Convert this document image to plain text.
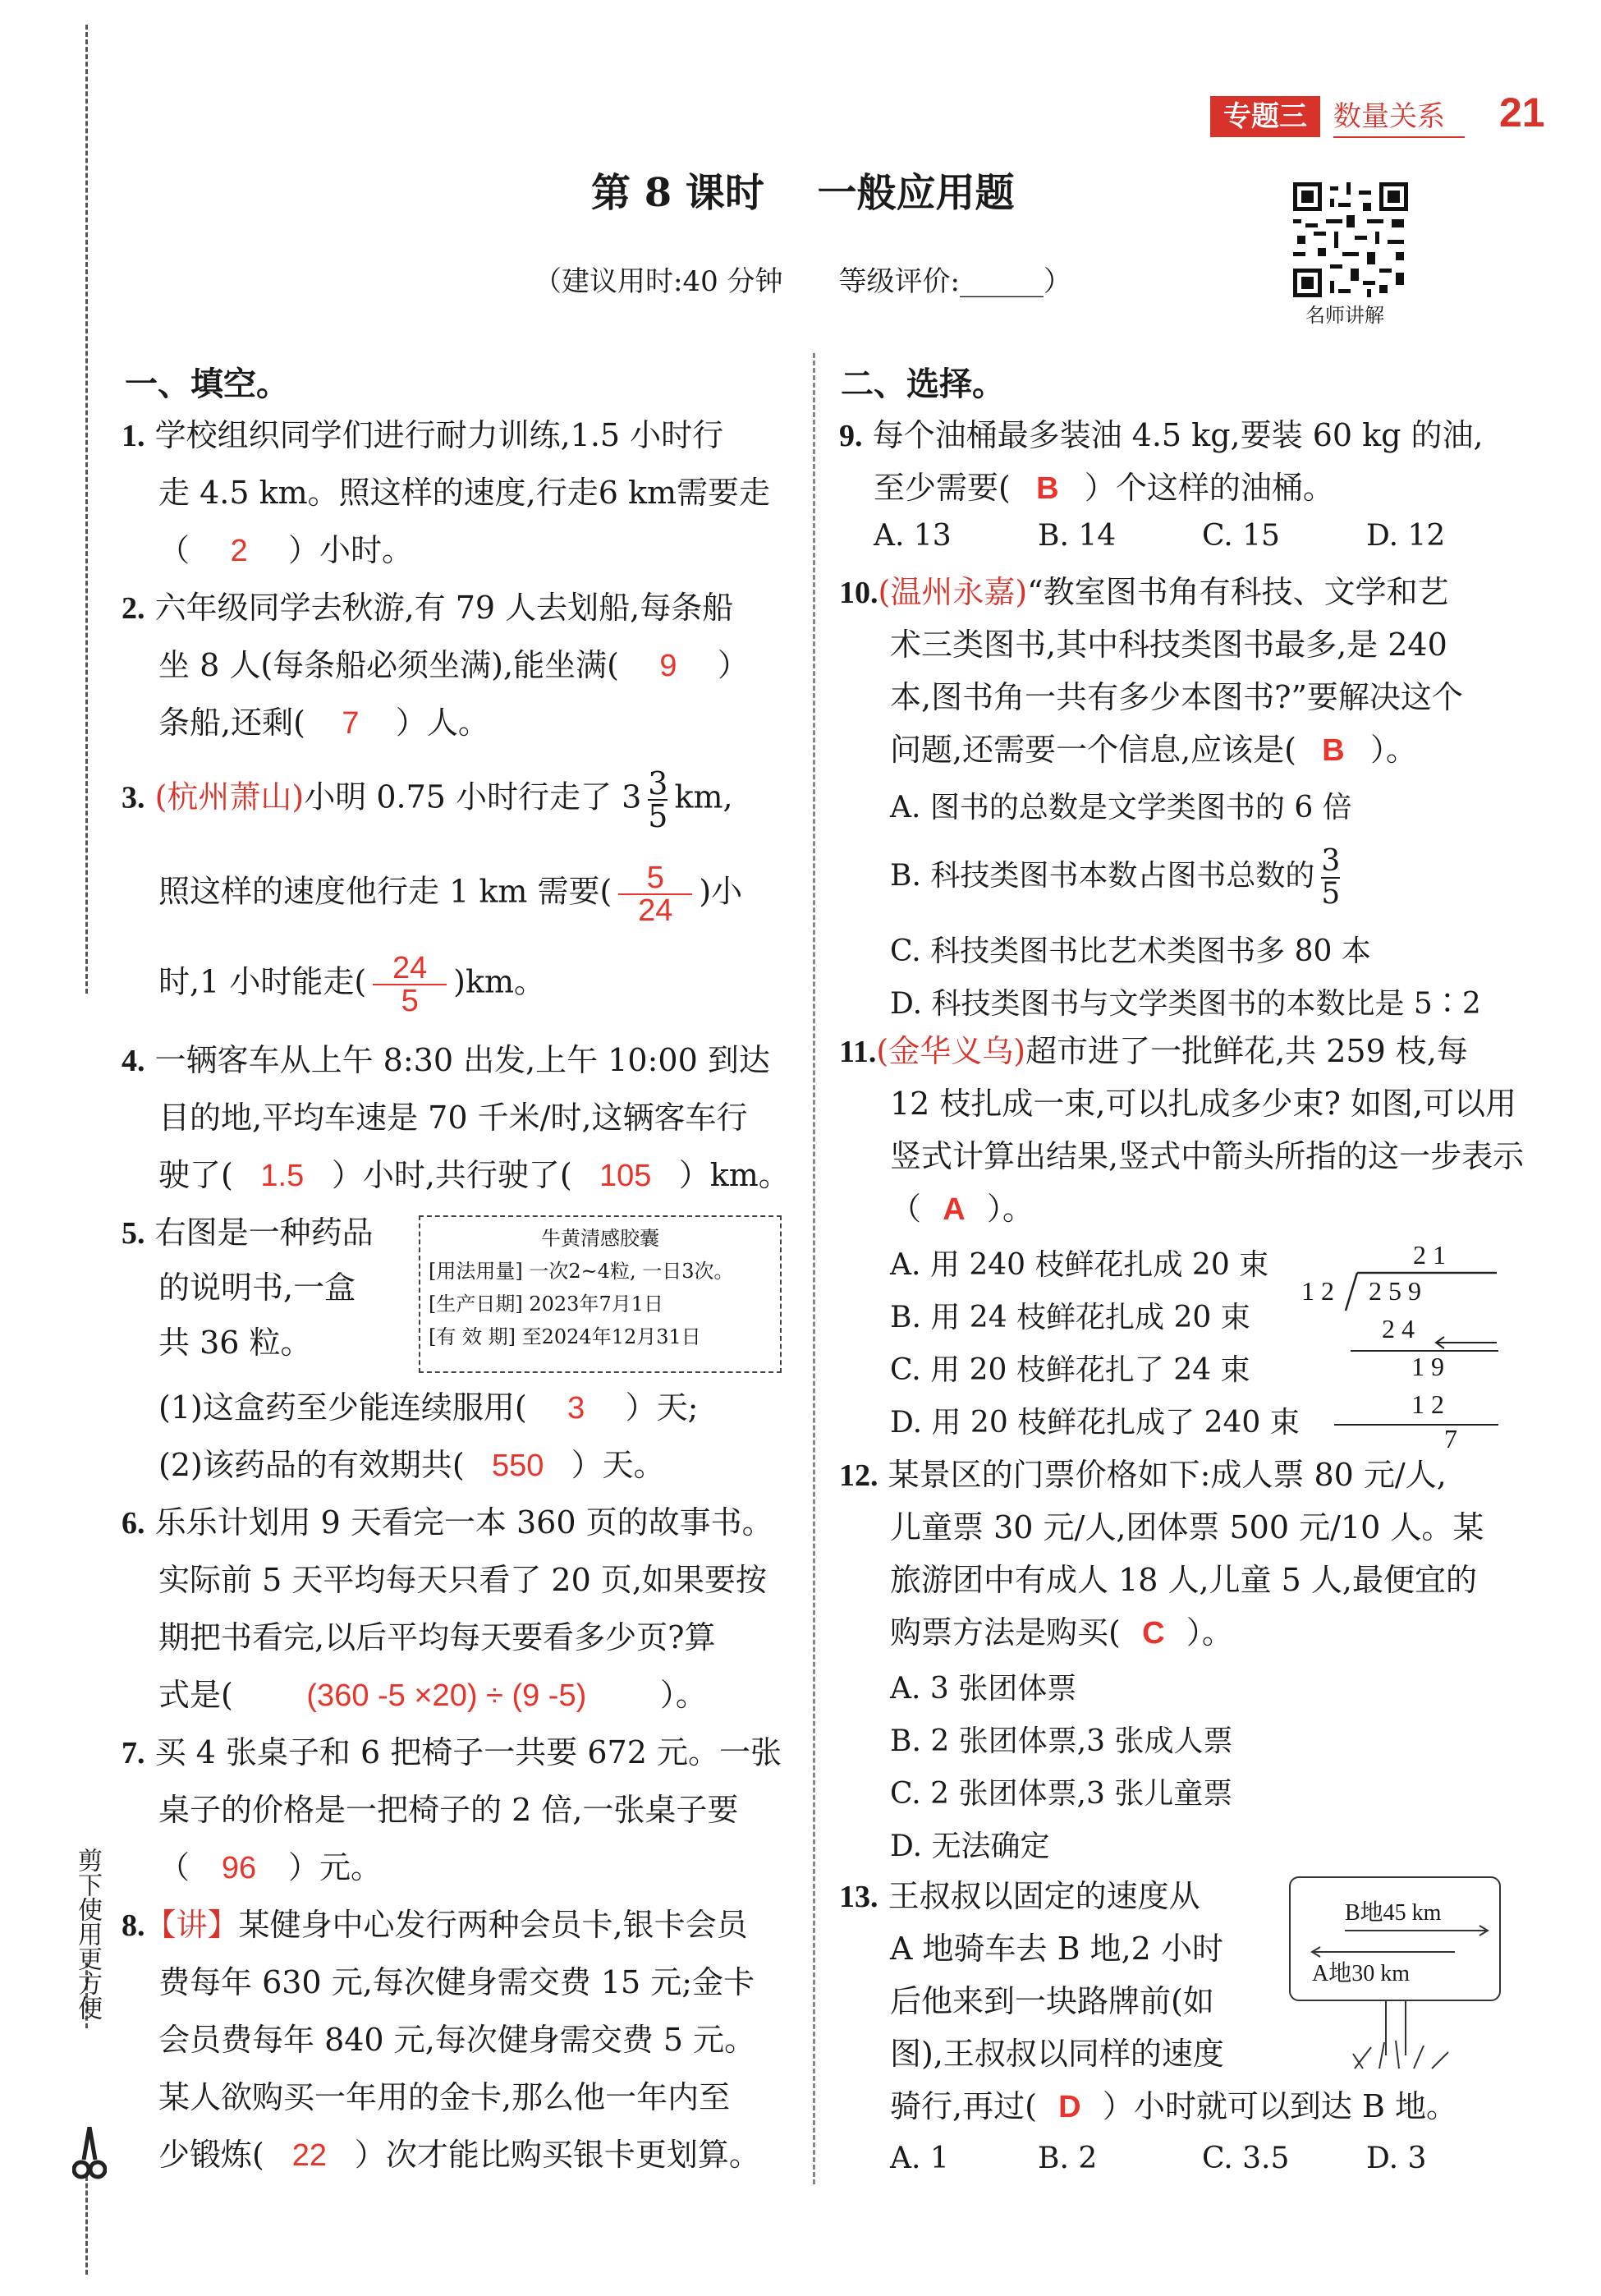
剪下使用更方便
专题三 数量关系	21
第 8 课时　 一般应用题
（建议用时:40 分钟　　等级评价:______）
名师讲解
一、填空。
1. 学校组织同学们进行耐力训练,1.5 小时行
走 4.5 km。照这样的速度,行走6 km需要走
（ 2 ）小时。
2. 六年级同学去秋游,有 79 人去划船,每条船
坐 8 人(每条船必须坐满),能坐满( 9 ）
条船,还剩( 7 ）人。
3. (杭州萧山)小明 0.75 小时行走了 $3 \frac{3}{5}$ km,
照这样的速度他行走 1 km 需要( $\frac{5}{24}$ )小
时,1 小时能走( $\frac{24}{5} )km$。
4. 一辆客车从上午 8:30 出发,上午 10:00 到达
目的地,平均车速是 70 千米/时,这辆客车行
驶了( 1.5 ）小时,共行驶了( 105 ）km。
5. 右图是一种药品
的说明书,一盒
共 36 粒。
牛黄清感胶囊
[用法用量] 一次2~4粒, 一日3次。
[生产日期] 2023年7月1日
[有 效 期] 至2024年12月31日
(1)这盒药至少能连续服用( 3 ）天;
(2)该药品的有效期共( 550 ）天。
6. 乐乐计划用 9 天看完一本 360 页的故事书。
实际前 5 天平均每天只看了 20 页,如果要按
期把书看完,以后平均每天要看多少页?算
式是( (360 -5 ×20) ÷ (9 -5) ）。
7. 买 4 张桌子和 6 把椅子一共要 672 元。一张
桌子的价格是一把椅子的 2 倍,一张桌子要
（ 96 ）元。
8.【讲】某健身中心发行两种会员卡,银卡会员
费每年 630 元,每次健身需交费 15 元;金卡
会员费每年 840 元,每次健身需交费 5 元。
某人欲购买一年用的金卡,那么他一年内至
少锻炼( 22 ）次才能比购买银卡更划算。
二、选择。
9. 每个油桶最多装油 4.5 kg,要装 60 kg 的油,
至少需要( B ）个这样的油桶。
A. 13	B. 14	C. 15	D. 12
10.(温州永嘉)“教室图书角有科技、文学和艺
术三类图书,其中科技类图书最多,是 240
本,图书角一共有多少本图书?”要解决这个
问题,还需要一个信息,应该是( B ）。
A. 图书的总数是文学类图书的 6 倍
B. 科技类图书本数占图书总数的 $\frac{3}{5}$
C. 科技类图书比艺术类图书多 80 本
D. 科技类图书与文学类图书的本数比是 5∶2
11.(金华义乌)超市进了一批鲜花,共 259 枝,每
12 枝扎成一束,可以扎成多少束? 如图,可以用
竖式计算出结果,竖式中箭头所指的这一步表示
（ A ）。
A. 用 240 枝鲜花扎成 20 束
B. 用 24 枝鲜花扎成 20 束
C. 用 20 枝鲜花扎了 24 束
D. 用 20 枝鲜花扎成了 240 束
2 1
1 2 2 5 9
2 4
1 9
1 2
7
12. 某景区的门票价格如下:成人票 80 元/人,
儿童票 30 元/人,团体票 500 元/10 人。某
旅游团中有成人 18 人,儿童 5 人,最便宜的
购票方法是购买( C ）。
A. 3 张团体票
B. 2 张团体票,3 张成人票
C. 2 张团体票,3 张儿童票
D. 无法确定
13. 王叔叔以固定的速度从
A 地骑车去 B 地,2 小时
后他来到一块路牌前(如
图),王叔叔以同样的速度
骑行,再过( D ）小时就可以到达 B 地。
A. 1	B. 2	C. 3.5	D. 3
B地45 km
A地30 km
